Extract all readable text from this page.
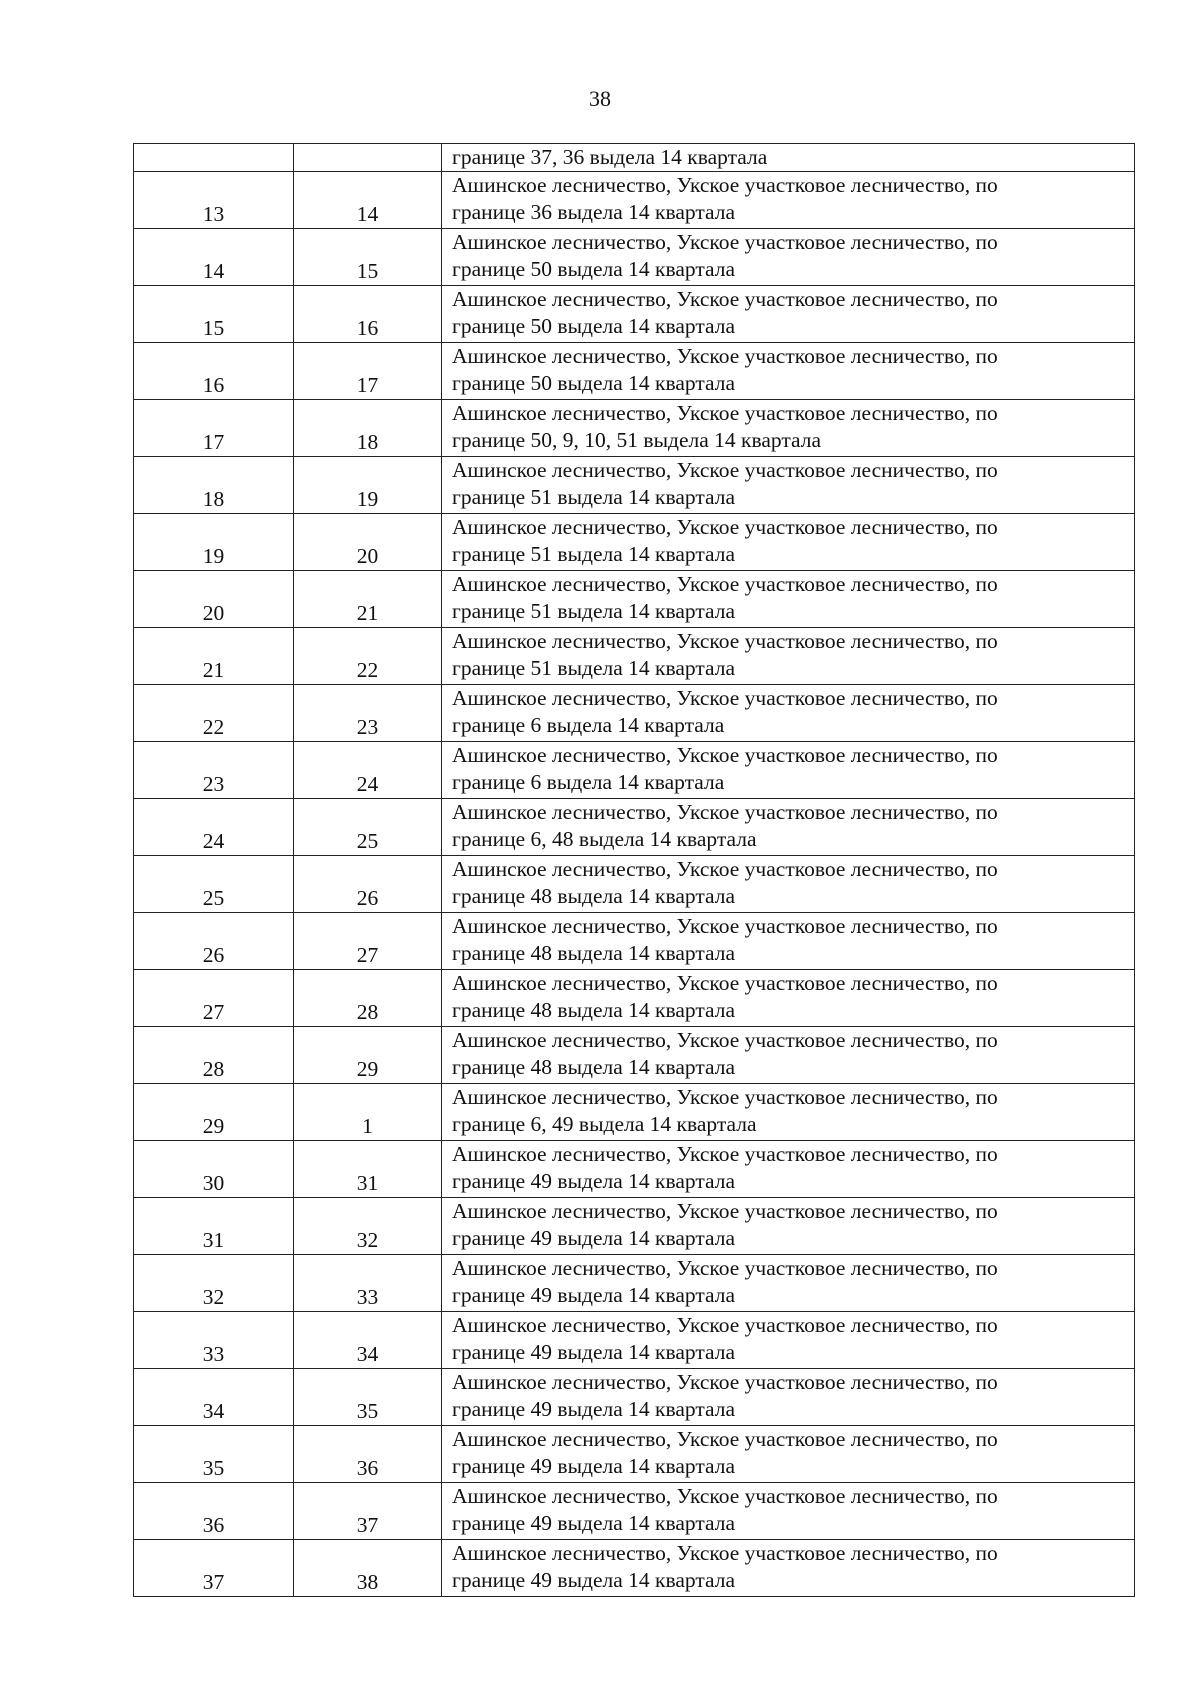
38

		границе 37, 36 выдела 14 квартала

13	14	Ашинское лесничество, Укское участковое лесничество, по
границе 36 выдела 14 квартала

14	15	Ашинское лесничество, Укское участковое лесничество, по
границе 50 выдела 14 квартала

15	16	Ашинское лесничество, Укское участковое лесничество, по
границе 50 выдела 14 квартала

16	17	Ашинское лесничество, Укское участковое лесничество, по
границе 50 выдела 14 квартала

17	18	Ашинское лесничество, Укское участковое лесничество, по
границе 50, 9, 10, 51 выдела 14 квартала

18	19	Ашинское лесничество, Укское участковое лесничество, по
границе 51 выдела 14 квартала

19	20	Ашинское лесничество, Укское участковое лесничество, по
границе 51 выдела 14 квартала

20	21	Ашинское лесничество, Укское участковое лесничество, по
границе 51 выдела 14 квартала

21	22	Ашинское лесничество, Укское участковое лесничество, по
границе 51 выдела 14 квартала

22	23	Ашинское лесничество, Укское участковое лесничество, по
границе 6 выдела 14 квартала

23	24	Ашинское лесничество, Укское участковое лесничество, по
границе 6 выдела 14 квартала

24	25	Ашинское лесничество, Укское участковое лесничество, по
границе 6, 48 выдела 14 квартала

25	26	Ашинское лесничество, Укское участковое лесничество, по
границе 48 выдела 14 квартала

26	27	Ашинское лесничество, Укское участковое лесничество, по
границе 48 выдела 14 квартала

27	28	Ашинское лесничество, Укское участковое лесничество, по
границе 48 выдела 14 квартала

28	29	Ашинское лесничество, Укское участковое лесничество, по
границе 48 выдела 14 квартала

29	1	Ашинское лесничество, Укское участковое лесничество, по
границе 6, 49 выдела 14 квартала

30	31	Ашинское лесничество, Укское участковое лесничество, по
границе 49 выдела 14 квартала

31	32	Ашинское лесничество, Укское участковое лесничество, по
границе 49 выдела 14 квартала

32	33	Ашинское лесничество, Укское участковое лесничество, по
границе 49 выдела 14 квартала

33	34	Ашинское лесничество, Укское участковое лесничество, по
границе 49 выдела 14 квартала

34	35	Ашинское лесничество, Укское участковое лесничество, по
границе 49 выдела 14 квартала

35	36	Ашинское лесничество, Укское участковое лесничество, по
границе 49 выдела 14 квартала

36	37	Ашинское лесничество, Укское участковое лесничество, по
границе 49 выдела 14 квартала

37	38	Ашинское лесничество, Укское участковое лесничество, по
границе 49 выдела 14 квартала
